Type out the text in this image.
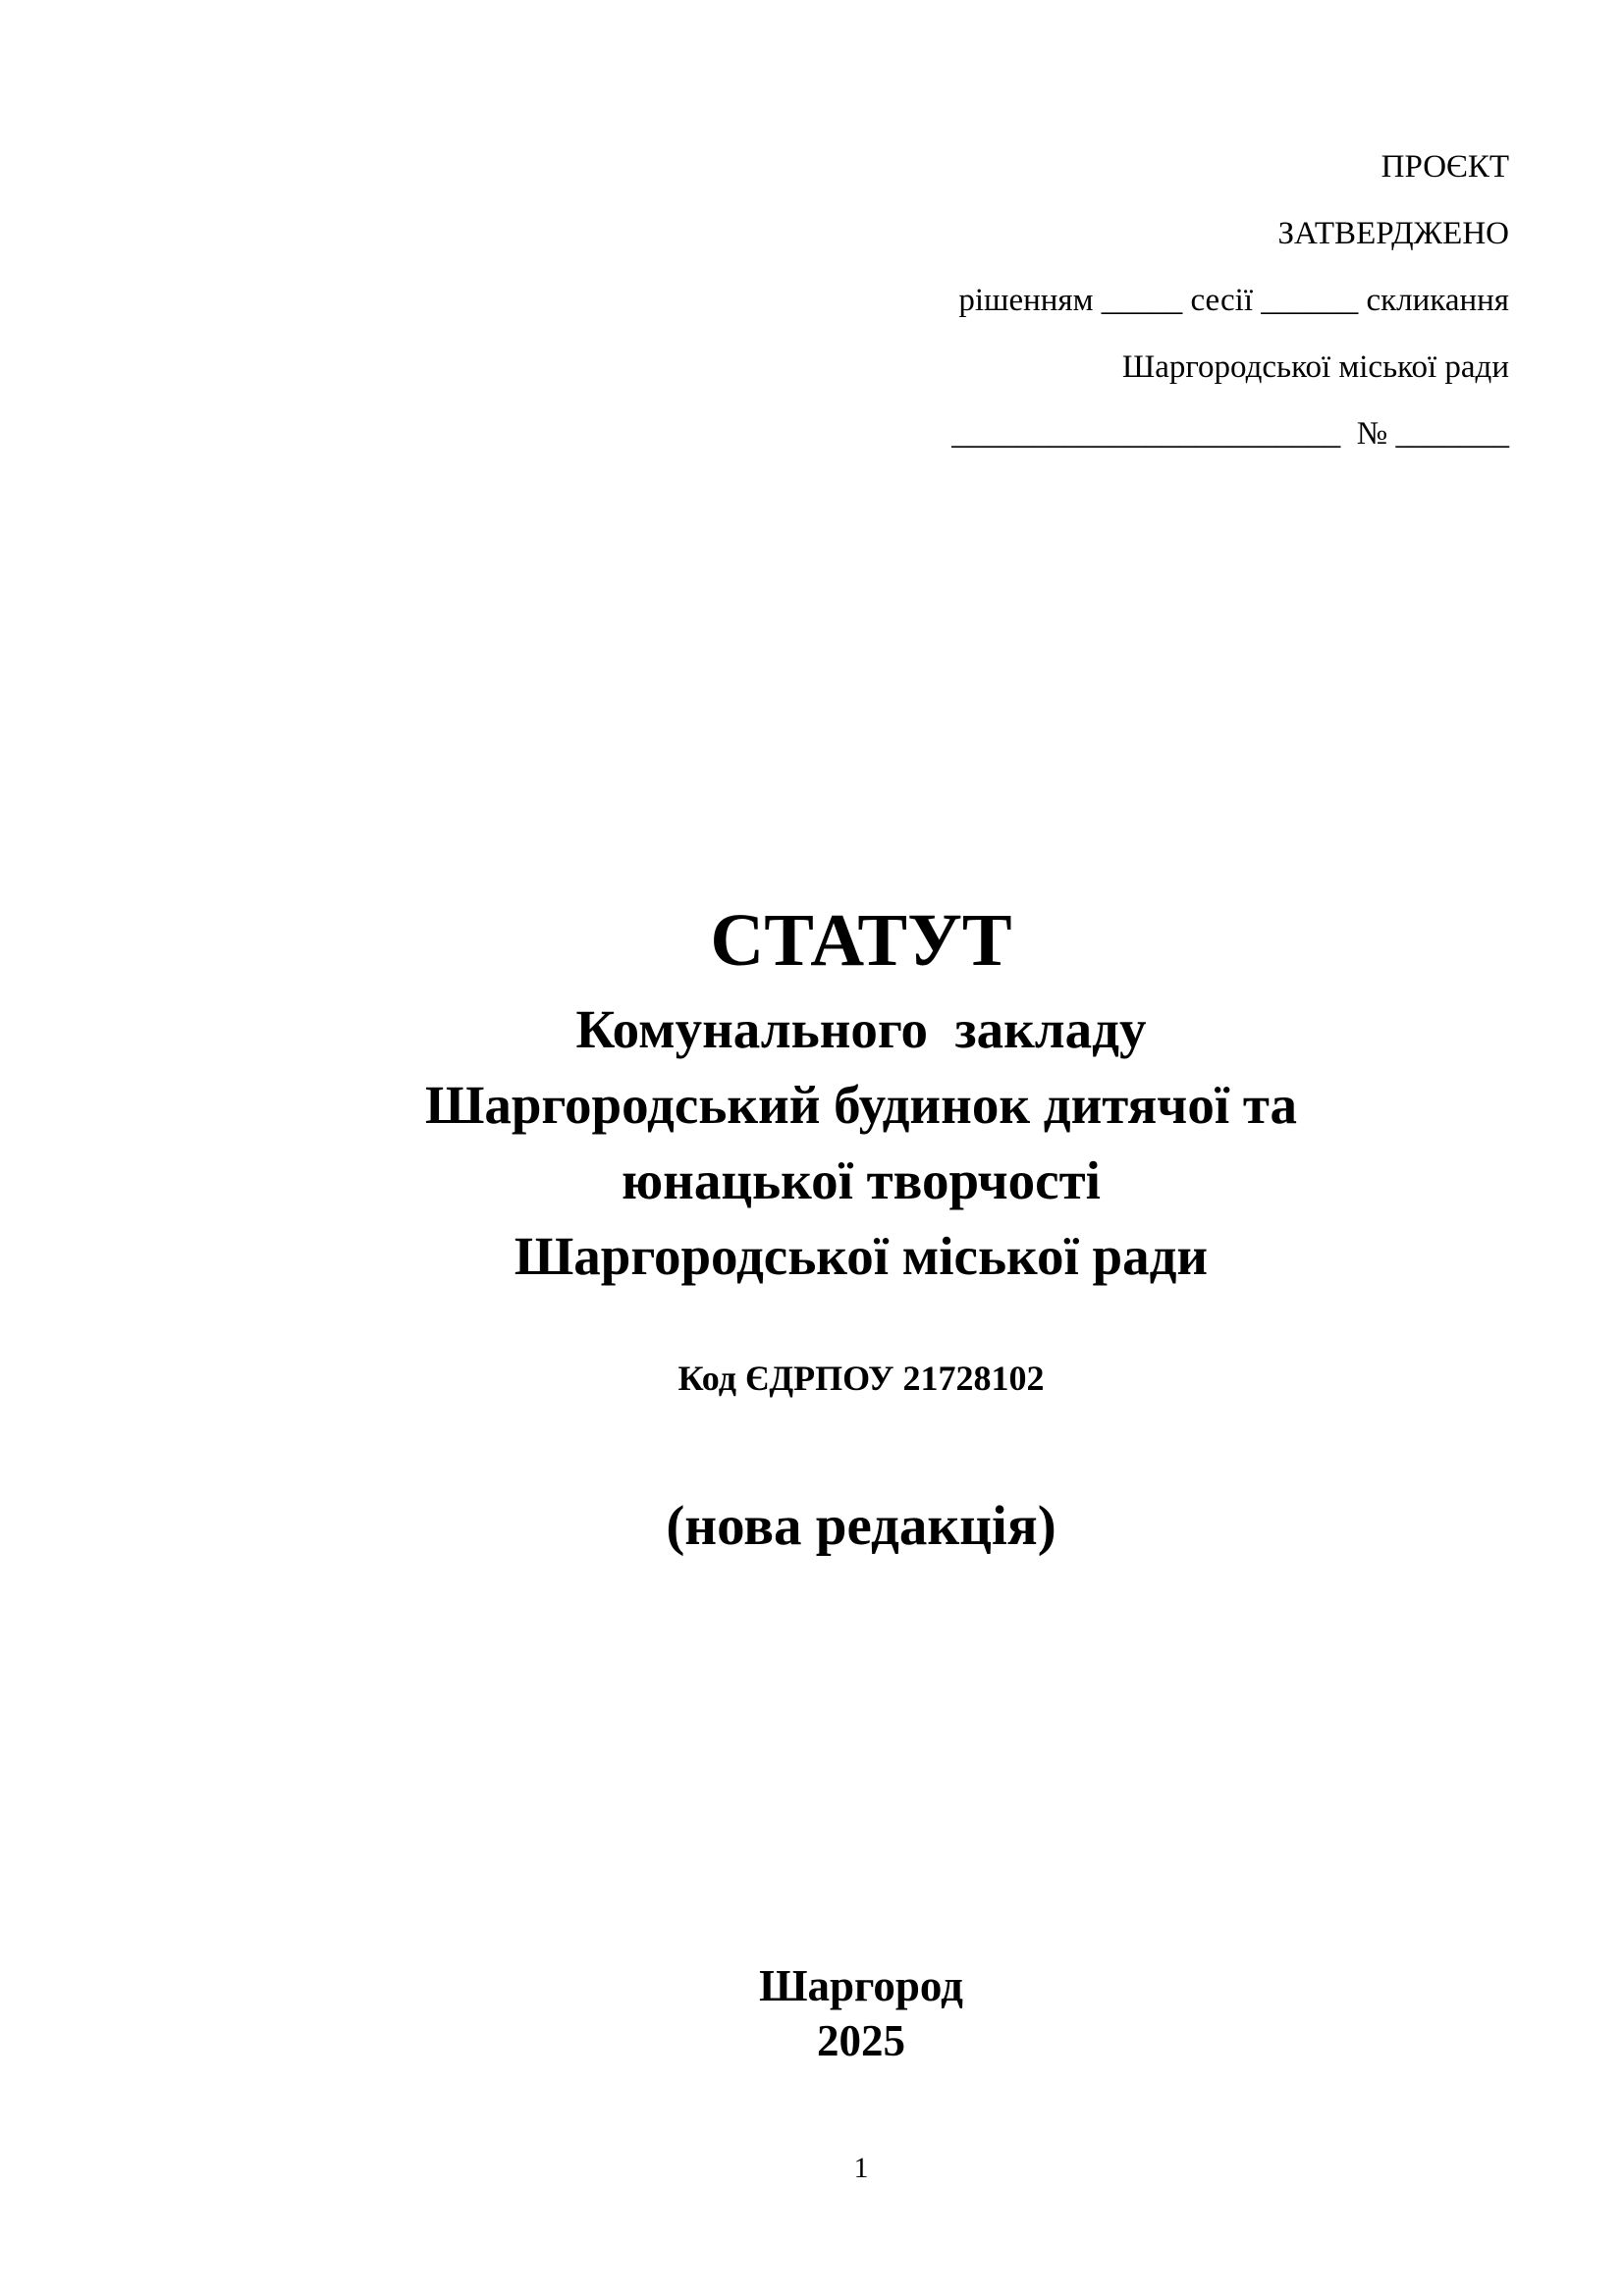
ПРОЄКТ
ЗАТВЕРДЖЕНО
рішенням _____ сесії ______ скликання
Шаргородської міської ради
________________________  № _______
СТАТУТ
Комунального  закладу
Шаргородський будинок дитячої та
юнацької творчості
Шаргородської міської ради
Код ЄДРПОУ 21728102
(нова редакція)
Шаргород
2025
1
